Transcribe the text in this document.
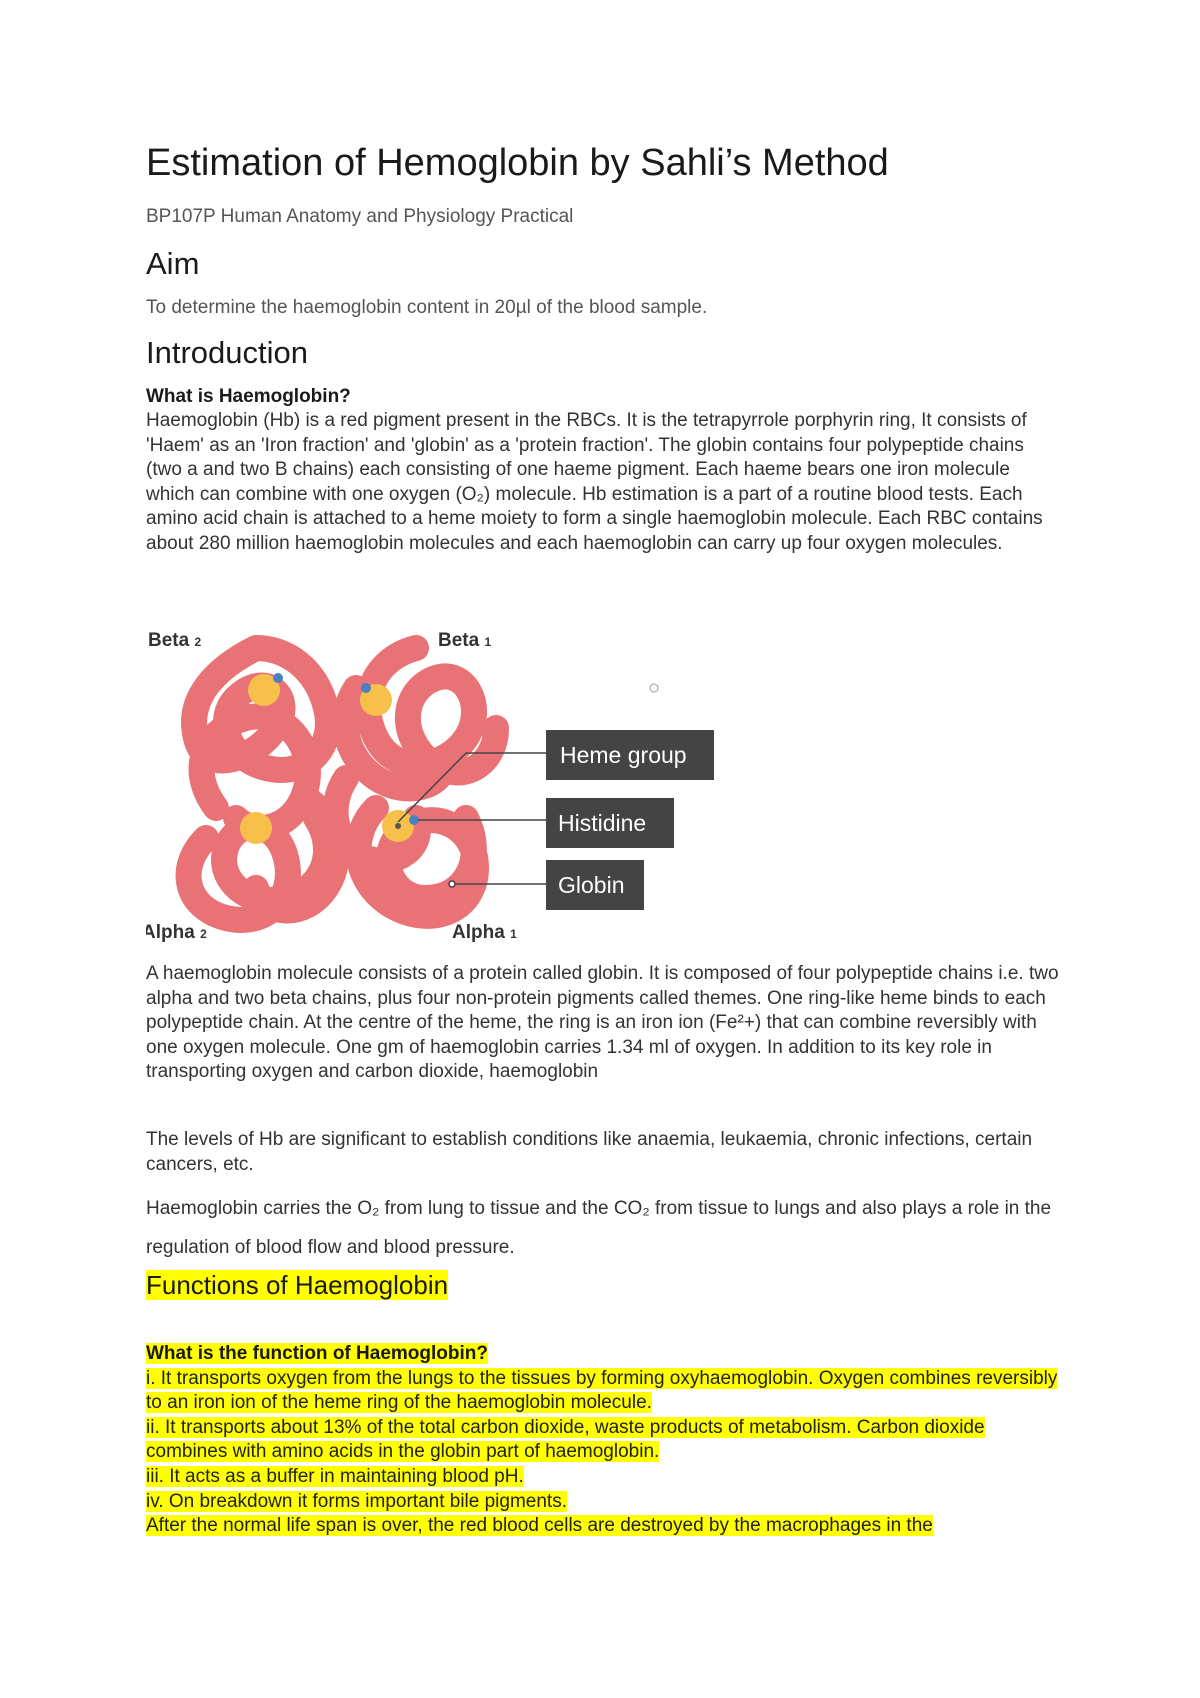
Estimation of Hemoglobin by Sahli’s Method
BP107P Human Anatomy and Physiology Practical
Aim
To determine the haemoglobin content in 20µl of the blood sample.
Introduction
What is Haemoglobin?
Haemoglobin (Hb) is a red pigment present in the RBCs. It is the tetrapyrrole porphyrin ring, It consists of 'Haem' as an 'Iron fraction' and 'globin' as a 'protein fraction'. The globin contains four polypeptide chains (two a and two B chains) each consisting of one haeme pigment. Each haeme bears one iron molecule which can combine with one oxygen (O₂) molecule. Hb estimation is a part of a routine blood tests. Each amino acid chain is attached to a heme moiety to form a single haemoglobin molecule. Each RBC contains about 280 million haemoglobin molecules and each haemoglobin can carry up four oxygen molecules.
Beta 2	Beta 1
Alpha 2	Alpha 1
Heme group
Histidine
Globin
A haemoglobin molecule consists of a protein called globin. It is composed of four polypeptide chains i.e. two alpha and two beta chains, plus four non-protein pigments called themes. One ring-like heme binds to each polypeptide chain. At the centre of the heme, the ring is an iron ion (Fe²+) that can combine reversibly with one oxygen molecule. One gm of haemoglobin carries 1.34 ml of oxygen. In addition to its key role in transporting oxygen and carbon dioxide, haemoglobin
The levels of Hb are significant to establish conditions like anaemia, leukaemia, chronic infections, certain cancers, etc.
Haemoglobin carries the O₂ from lung to tissue and the CO₂ from tissue to lungs and also plays a role in the regulation of blood flow and blood pressure.
Functions of Haemoglobin
What is the function of Haemoglobin?
i. It transports oxygen from the lungs to the tissues by forming oxyhaemoglobin. Oxygen combines reversibly to an iron ion of the heme ring of the haemoglobin molecule.
ii. It transports about 13% of the total carbon dioxide, waste products of metabolism. Carbon dioxide combines with amino acids in the globin part of haemoglobin.
iii. It acts as a buffer in maintaining blood pH.
iv. On breakdown it forms important bile pigments.
After the normal life span is over, the red blood cells are destroyed by the macrophages in the
